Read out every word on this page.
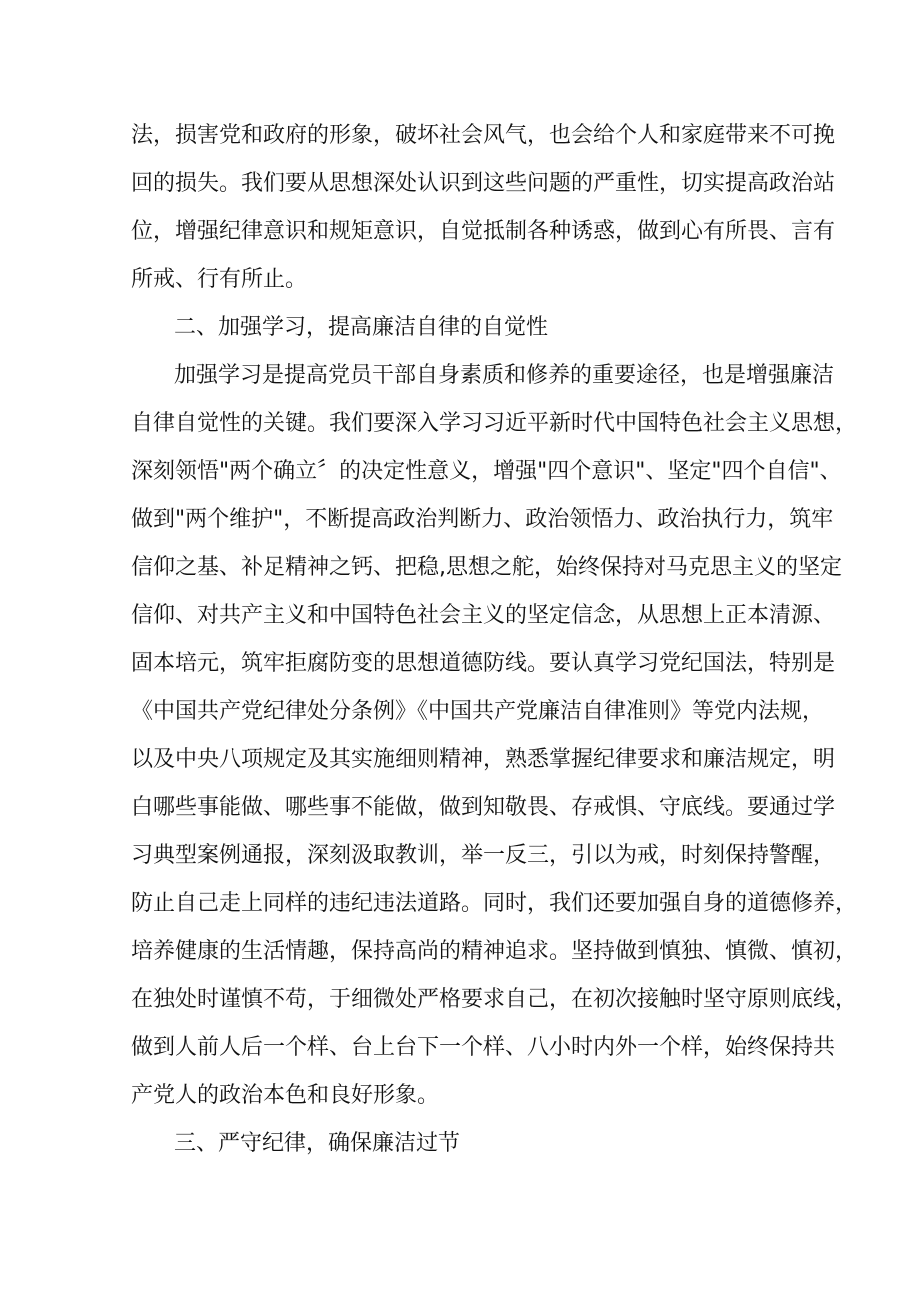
法，损害党和政府的形象，破坏社会风气，也会给个人和家庭带来不可挽
回的损失。我们要从思想深处认识到这些问题的严重性，切实提高政治站
位，增强纪律意识和规矩意识，自觉抵制各种诱惑，做到心有所畏、言有
所戒、行有所止。
二、加强学习，提高廉洁自律的自觉性
加强学习是提高党员干部自身素质和修养的重要途径，也是增强廉洁
自律自觉性的关键。我们要深入学习习近平新时代中国特色社会主义思想，
深刻领悟"两个确立〞的决定性意义，增强"四个意识"、坚定"四个自信"、
做到"两个维护"，不断提高政治判断力、政治领悟力、政治执行力，筑牢
信仰之基、补足精神之钙、把稳,思想之舵，始终保持对马克思主义的坚定
信仰、对共产主义和中国特色社会主义的坚定信念，从思想上正本清源、
固本培元，筑牢拒腐防变的思想道德防线。要认真学习党纪国法，特别是
《中国共产党纪律处分条例》《中国共产党廉洁自律准则》等党内法规，
以及中央八项规定及其实施细则精神，熟悉掌握纪律要求和廉洁规定，明
白哪些事能做、哪些事不能做，做到知敬畏、存戒惧、守底线。要通过学
习典型案例通报，深刻汲取教训，举一反三，引以为戒，时刻保持警醒，
防止自己走上同样的违纪违法道路。同时，我们还要加强自身的道德修养，
培养健康的生活情趣，保持高尚的精神追求。坚持做到慎独、慎微、慎初，
在独处时谨慎不苟，于细微处严格要求自己，在初次接触时坚守原则底线，
做到人前人后一个样、台上台下一个样、八小时内外一个样，始终保持共
产党人的政治本色和良好形象。
三、严守纪律，确保廉洁过节
